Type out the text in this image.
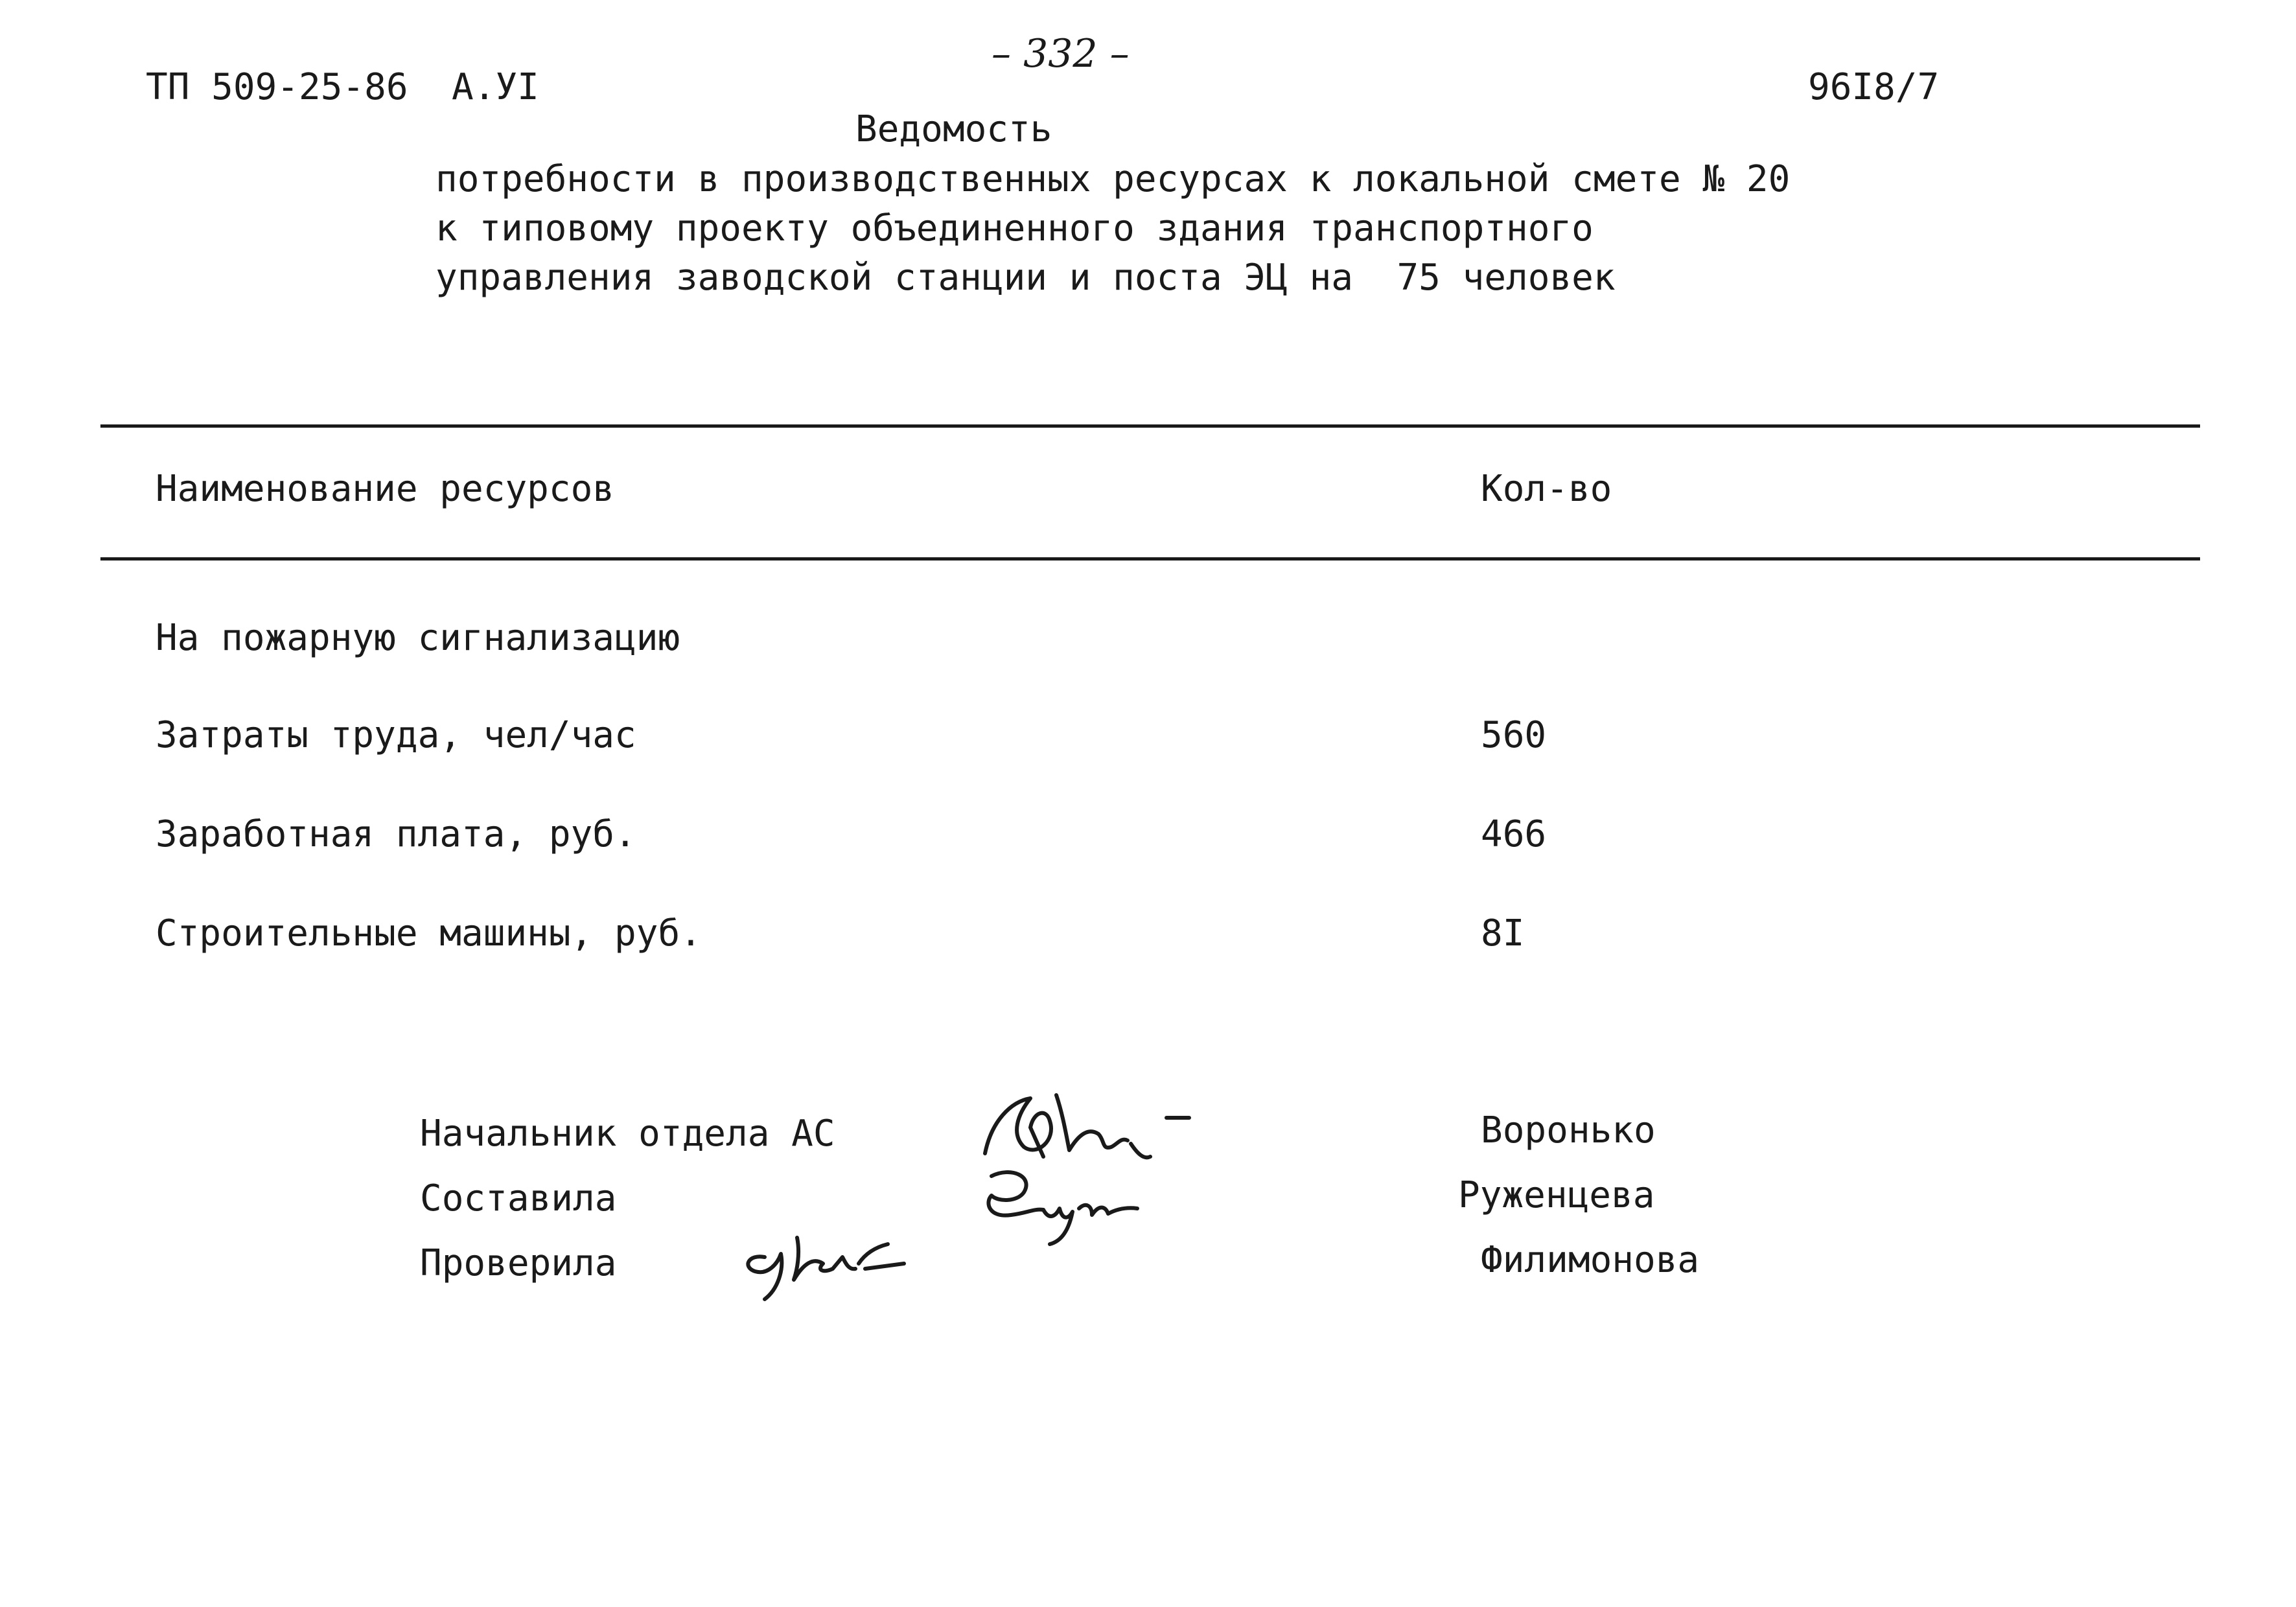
– 332 –
ТП 509-25-86  А.УI	96I8/7
Ведомость
потребности в производственных ресурсах к локальной смете № 20
к типовому проекту объединенного здания транспортного
управления заводской станции и поста ЭЦ на  75 человек
Наименование ресурсов	Кол-во
На пожарную сигнализацию
Затраты труда, чел/час	560
Заработная плата, руб.	466
Строительные машины, руб.	8I
Начальник отдела АС	Воронько
Составила	Руженцева
Проверила	Филимонова
